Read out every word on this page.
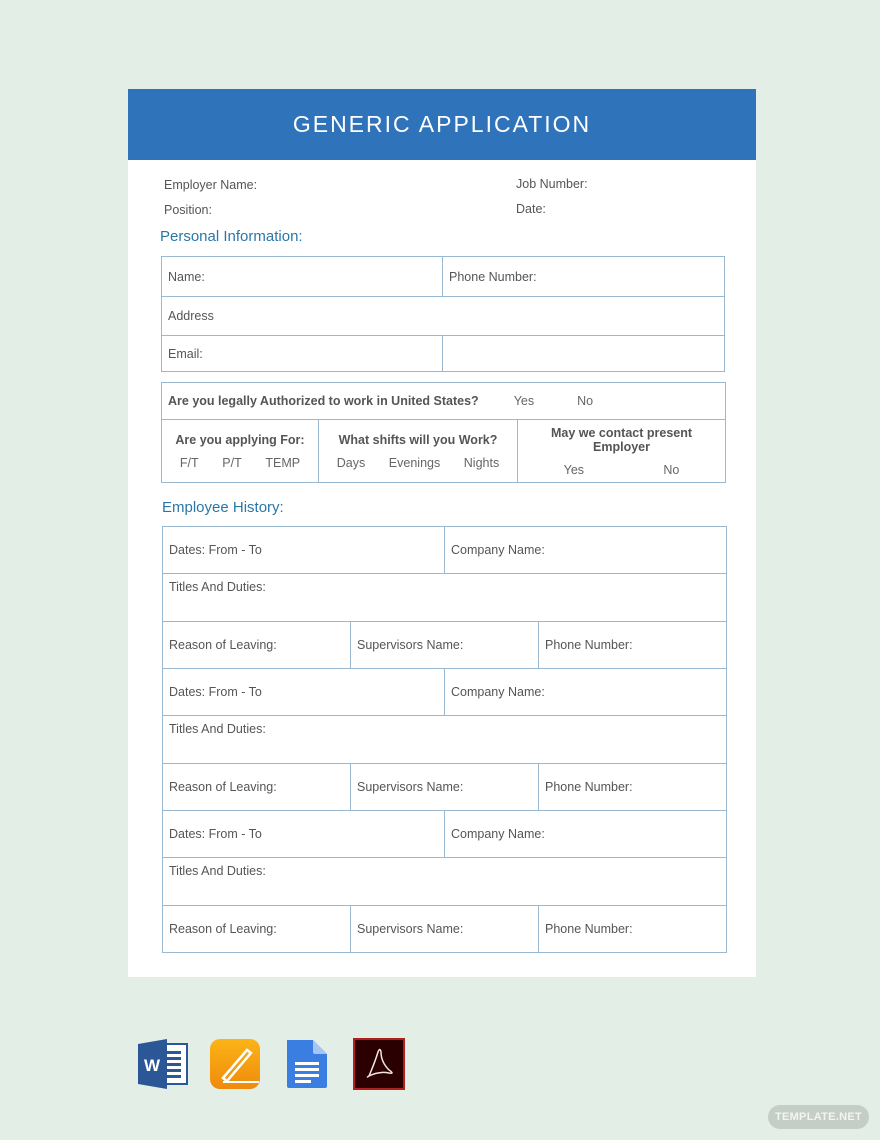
GENERIC APPLICATION
Employer Name:
Position:
Job Number:
Date:
Personal Information:
Name:	Phone Number:
Address	
Email:	
Are you legally Authorized to work in United States?	Yes	No

Are you applying For:
F/T P/T TEMP

What shifts will you Work?
Days Evenings Nights

May we contact present Employer
Yes	No
Employee History:
Dates: From - To		Company Name:	
Titles And Duties:			
Reason of Leaving:	Supervisors Name:		Phone Number:
Dates: From - To		Company Name:	
Titles And Duties:			
Reason of Leaving:	Supervisors Name:		Phone Number:
Dates: From - To		Company Name:	
Titles And Duties:			
Reason of Leaving:	Supervisors Name:		Phone Number:
W
TEMPLATE.NET
